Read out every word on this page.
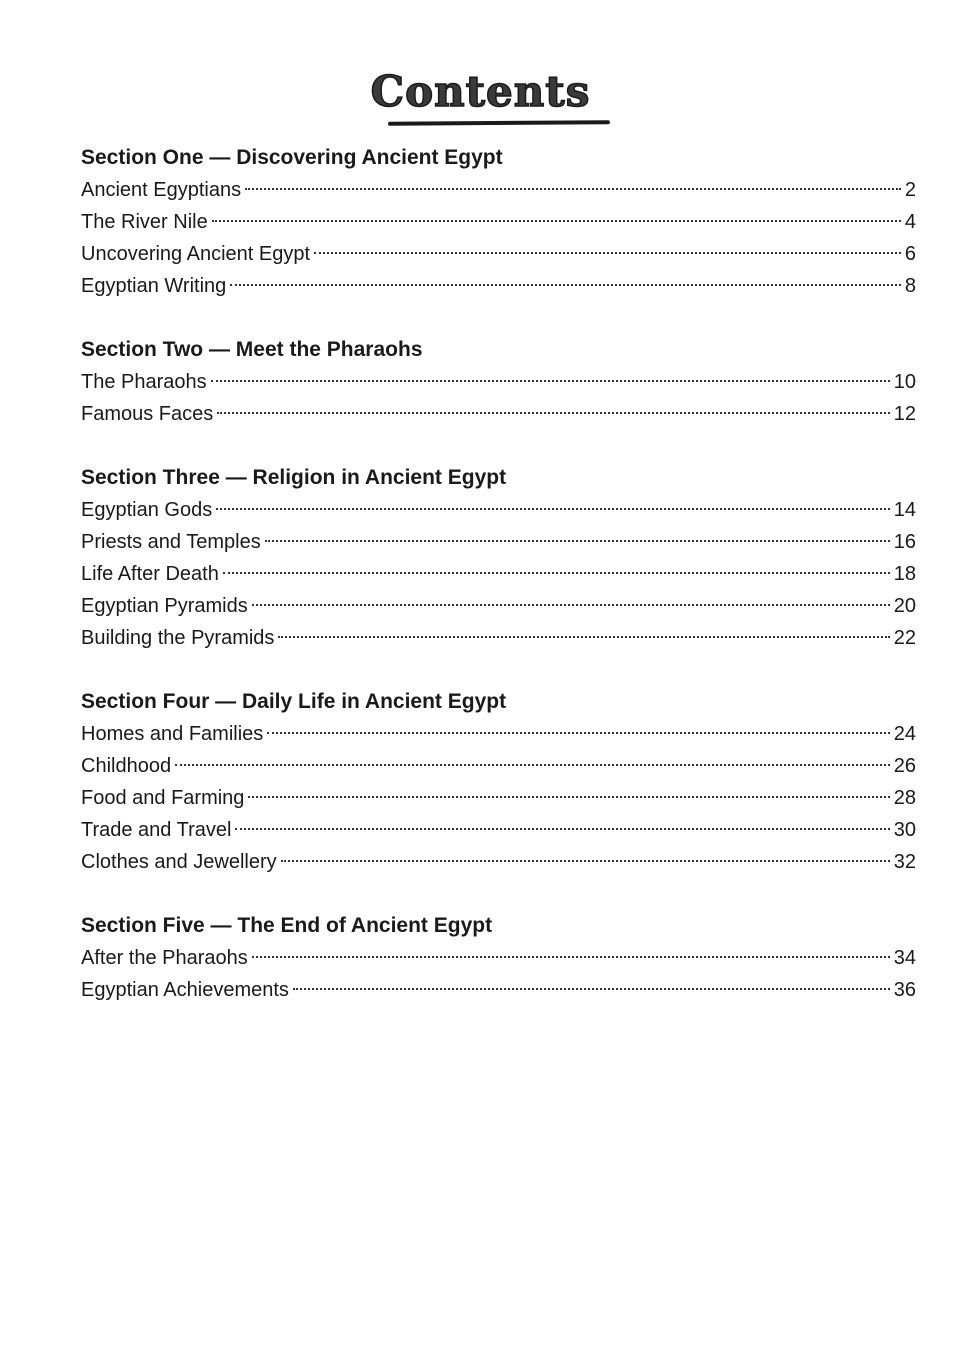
Contents
Section One — Discovering Ancient Egypt
Ancient Egyptians	2
The River Nile	4
Uncovering Ancient Egypt	6
Egyptian Writing	8
Section Two — Meet the Pharaohs
The Pharaohs	10
Famous Faces	12
Section Three — Religion in Ancient Egypt
Egyptian Gods	14
Priests and Temples	16
Life After Death	18
Egyptian Pyramids	20
Building the Pyramids	22
Section Four — Daily Life in Ancient Egypt
Homes and Families	24
Childhood	26
Food and Farming	28
Trade and Travel	30
Clothes and Jewellery	32
Section Five — The End of Ancient Egypt
After the Pharaohs	34
Egyptian Achievements	36
